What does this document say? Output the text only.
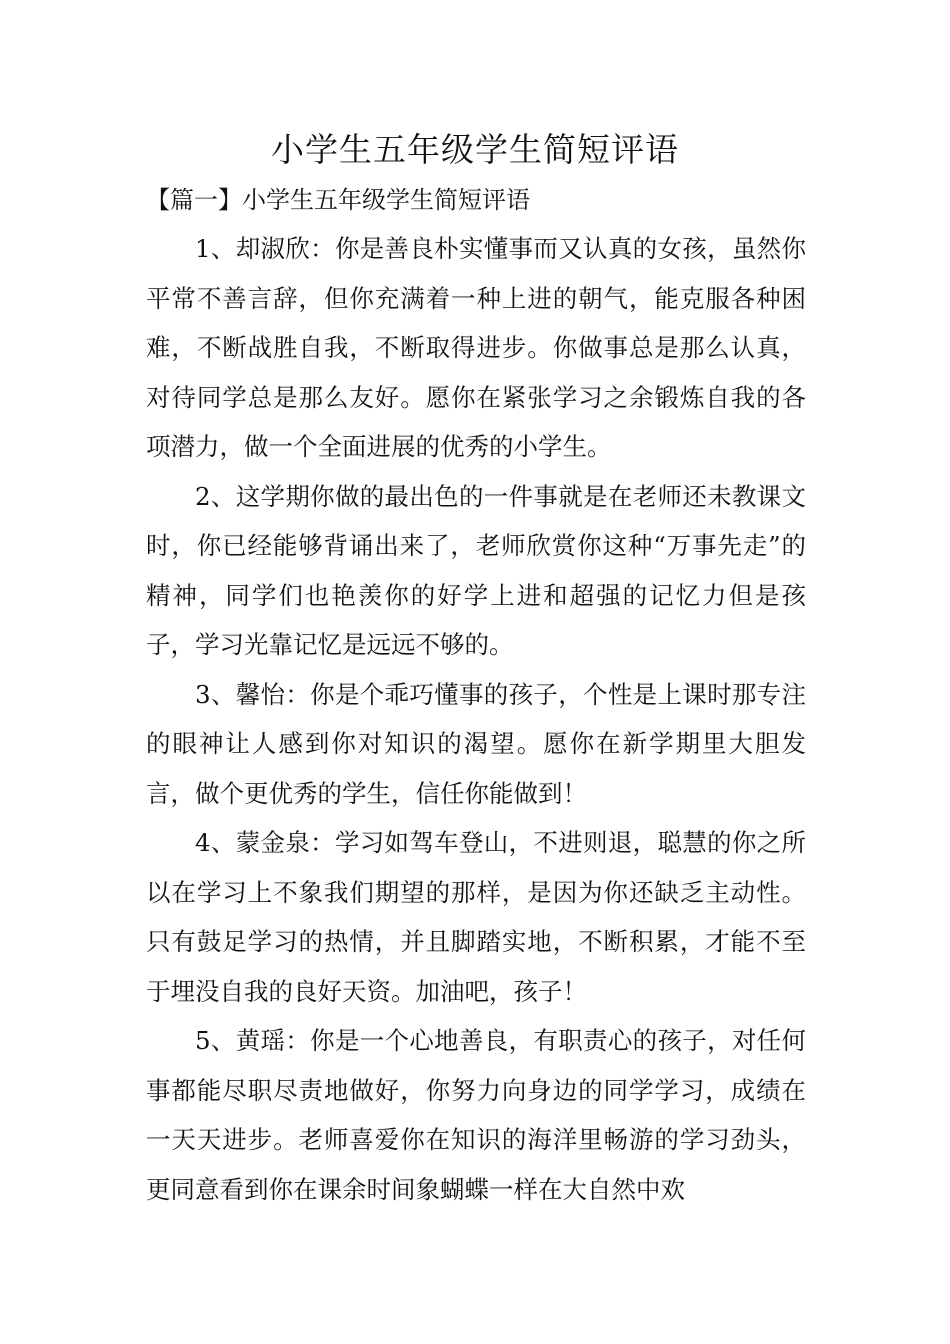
小学生五年级学生简短评语
【篇一】小学生五年级学生简短评语

1、却淑欣：你是善良朴实懂事而又认真的女孩，虽然你平常不善言辞，但你充满着一种上进的朝气，能克服各种困难，不断战胜自我，不断取得进步。你做事总是那么认真，对待同学总是那么友好。愿你在紧张学习之余锻炼自我的各项潜力，做一个全面进展的优秀的小学生。

2、这学期你做的最出色的一件事就是在老师还未教课文时，你已经能够背诵出来了，老师欣赏你这种“万事先走”的精神，同学们也艳羡你的好学上进和超强的记忆力但是孩子，学习光靠记忆是远远不够的。

3、馨怡：你是个乖巧懂事的孩子，个性是上课时那专注的眼神让人感到你对知识的渴望。愿你在新学期里大胆发言，做个更优秀的学生，信任你能做到！

4、蒙金泉：学习如驾车登山，不进则退，聪慧的你之所以在学习上不象我们期望的那样，是因为你还缺乏主动性。只有鼓足学习的热情，并且脚踏实地，不断积累，才能不至于埋没自我的良好天资。加油吧，孩子！

5、黄瑶：你是一个心地善良，有职责心的孩子，对任何事都能尽职尽责地做好，你努力向身边的同学学习，成绩在一天天进步。老师喜爱你在知识的海洋里畅游的学习劲头，更同意看到你在课余时间象蝴蝶一样在大自然中欢
